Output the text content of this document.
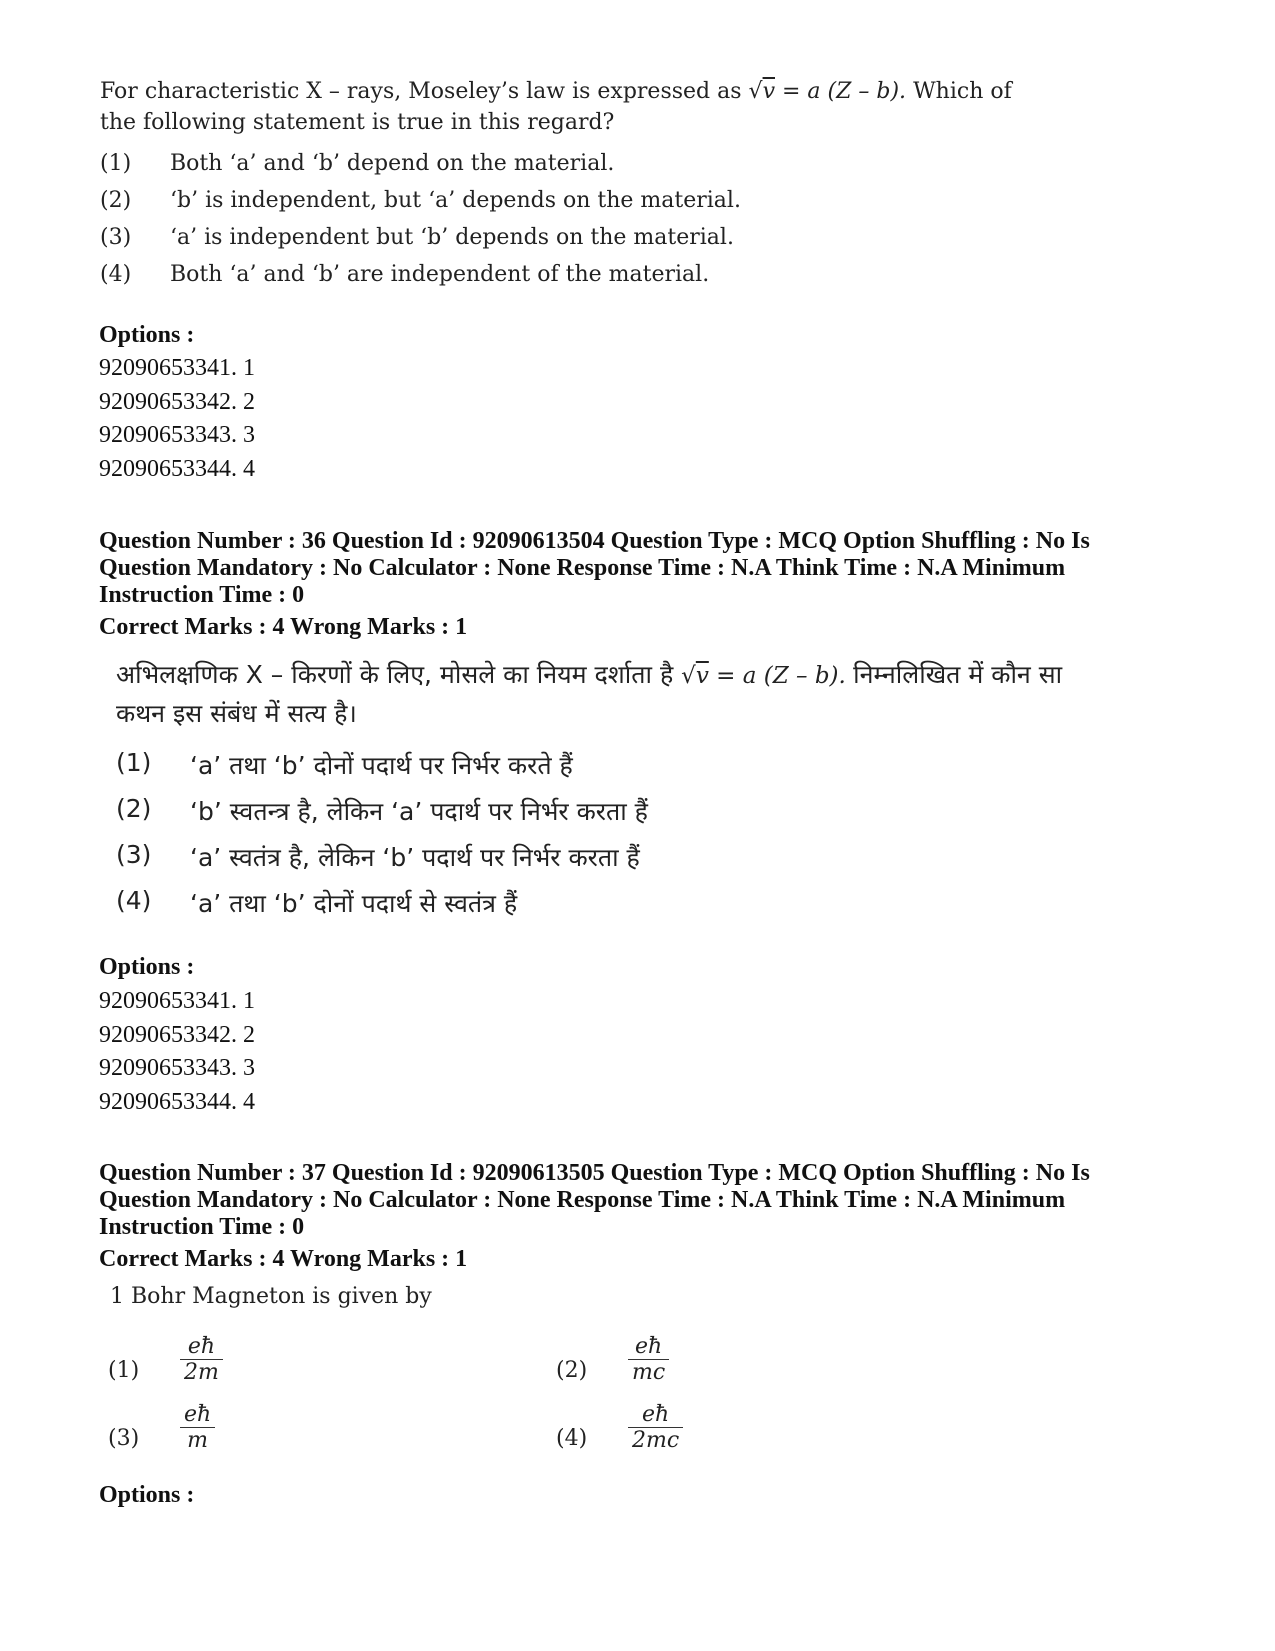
For characteristic X – rays, Moseley’s law is expressed as √v = a (Z – b). Which of
the following statement is true in this regard?
(1) Both ‘a’ and ‘b’ depend on the material.
(2) ‘b’ is independent, but ‘a’ depends on the material.
(3) ‘a’ is independent but ‘b’ depends on the material.
(4) Both ‘a’ and ‘b’ are independent of the material.
Options :
92090653341. 1
92090653342. 2
92090653343. 3
92090653344. 4
Question Number : 36 Question Id : 92090613504 Question Type : MCQ Option Shuffling : No Is
Question Mandatory : No Calculator : None Response Time : N.A Think Time : N.A Minimum
Instruction Time : 0
Correct Marks : 4 Wrong Marks : 1
अभिलक्षणिक X – किरणों के लिए, मोसले का नियम दर्शाता है √v = a (Z – b). निम्नलिखित में कौन सा
कथन इस संबंध में सत्य है।
(1) ‘a’ तथा ‘b’ दोनों पदार्थ पर निर्भर करते हैं
(2) ‘b’ स्वतन्त्र है, लेकिन ‘a’ पदार्थ पर निर्भर करता हैं
(3) ‘a’ स्वतंत्र है, लेकिन ‘b’ पदार्थ पर निर्भर करता हैं
(4) ‘a’ तथा ‘b’ दोनों पदार्थ से स्वतंत्र हैं
Options :
92090653341. 1
92090653342. 2
92090653343. 3
92090653344. 4
Question Number : 37 Question Id : 92090613505 Question Type : MCQ Option Shuffling : No Is
Question Mandatory : No Calculator : None Response Time : N.A Think Time : N.A Minimum
Instruction Time : 0
Correct Marks : 4 Wrong Marks : 1
1 Bohr Magneton is given by
$(1) \frac{eħ}{2m}$	$(2) \frac{eħ}{mc}$
$(3) \frac{eħ}{m}$	$(4) \frac{eħ}{2mc}$
Options :
